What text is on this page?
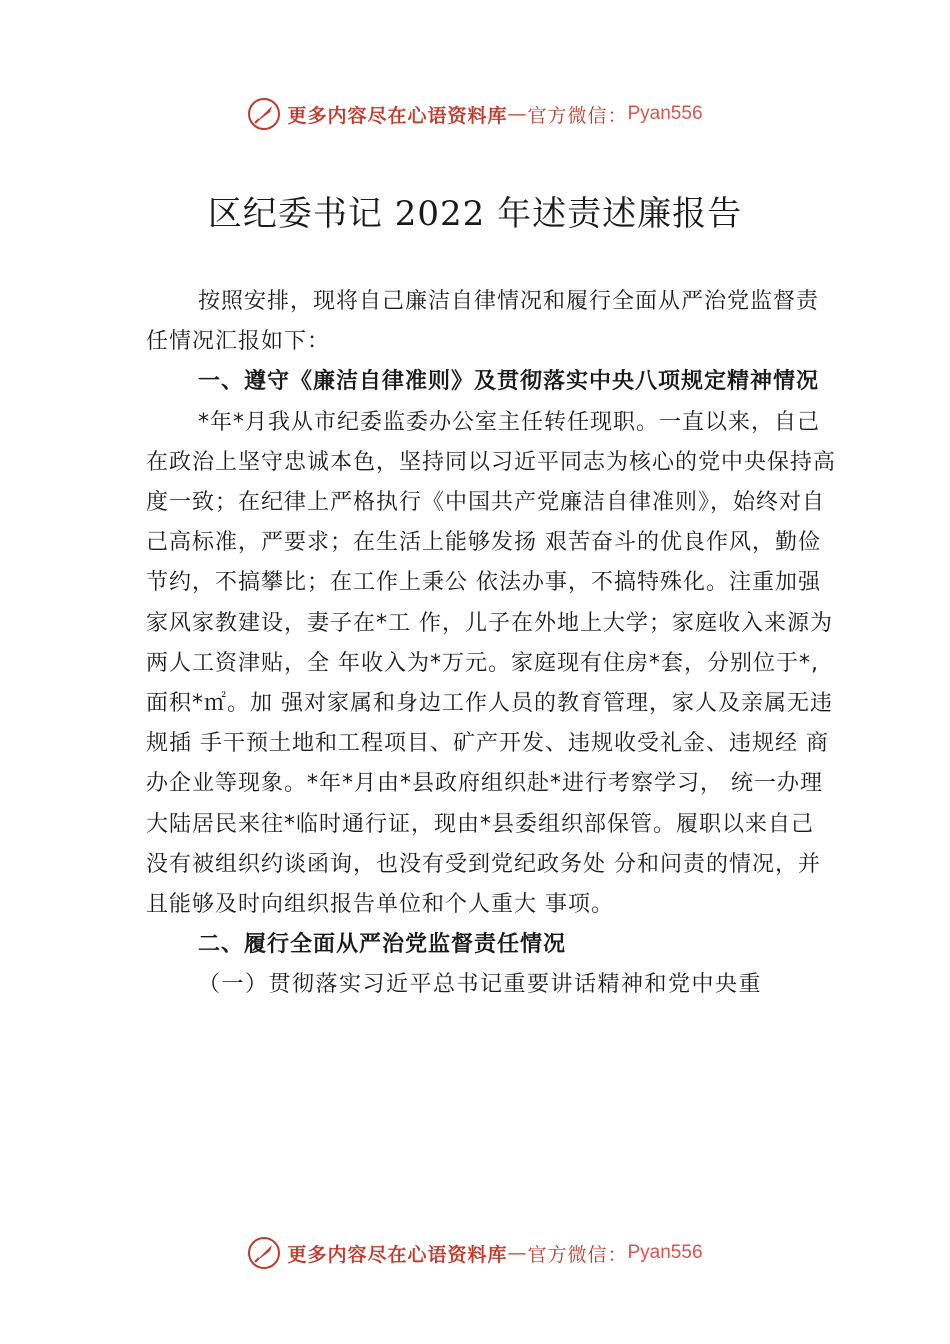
更多内容尽在心语资料库 — 官方微信： Pyan556
区纪委书记 2022 年述责述廉报告

按照安排，现将自己廉洁自律情况和履行全面从严治党监督责任情况汇报如下：

一、遵守《廉洁自律准则》及贯彻落实中央八项规定精神情况

*年*月我从市纪委监委办公室主任转任现职。一直以来，自己在政治上坚守忠诚本色，坚持同以习近平同志为核心的党中央保持高度一致；在纪律上严格执行《中国共产党廉洁自律准则》，始终对自己高标准，严要求；在生活上能够发扬 艰苦奋斗的优良作风，勤俭节约，不搞攀比；在工作上秉公 依法办事，不搞特殊化。注重加强家风家教建设，妻子在*工 作，儿子在外地上大学；家庭收入来源为两人工资津贴，全 年收入为*万元。家庭现有住房*套，分别位于*,面积*㎡。加 强对家属和身边工作人员的教育管理，家人及亲属无违规插 手干预土地和工程项目、矿产开发、违规收受礼金、违规经 商办企业等现象。*年*月由*县政府组织赴*进行考察学习， 统一办理大陆居民来往*临时通行证，现由*县委组织部保管。履职以来自己没有被组织约谈函询，也没有受到党纪政务处 分和问责的情况，并且能够及时向组织报告单位和个人重大 事项。

二、履行全面从严治党监督责任情况

（一）贯彻落实习近平总书记重要讲话精神和党中央重

更多内容尽在心语资料库 — 官方微信： Pyan556
